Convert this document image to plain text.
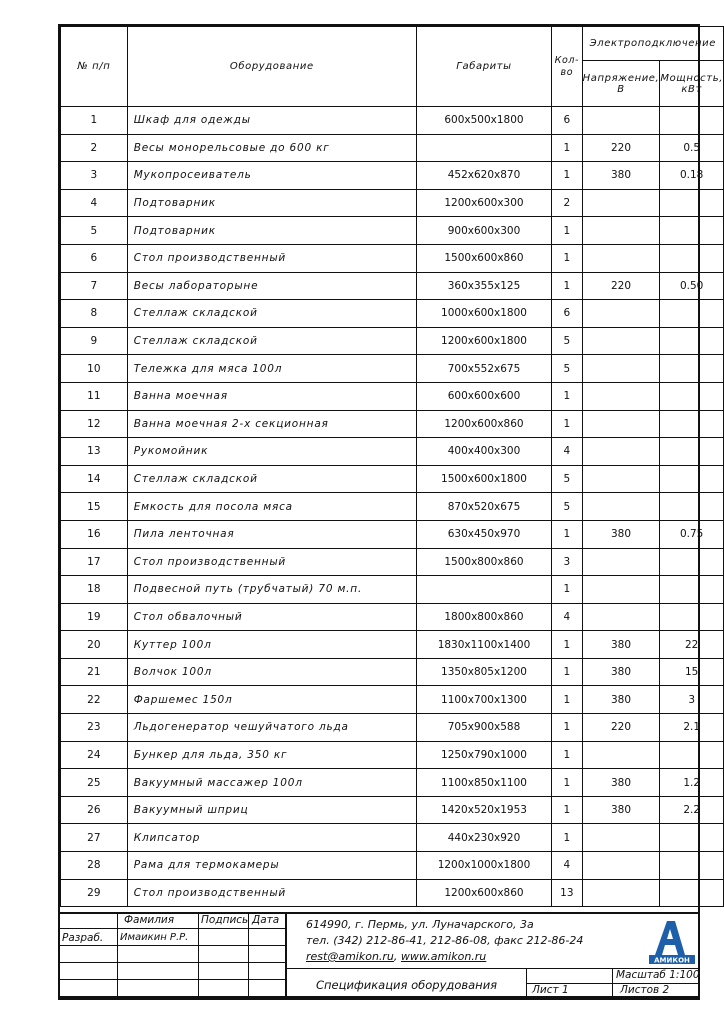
№ п/п	Оборудование	Габариты	Кол-во	Электроподключение	
				Напряжение, В	Мощность, кВт
1	Шкаф для одежды	600х500х1800	6		
2	Весы монорельсовые до 600 кг		1	220	0.5
3	Мукопросеиватель	452х620х870	1	380	0.18
4	Подтоварник	1200х600х300	2		
5	Подтоварник	900х600х300	1		
6	Стол производственный	1500х600х860	1		
7	Весы лабораторыне	360х355х125	1	220	0.50
8	Стеллаж складской	1000х600х1800	6		
9	Стеллаж складской	1200х600х1800	5		
10	Тележка для мяса 100л	700х552х675	5		
11	Ванна моечная	600х600х600	1		
12	Ванна моечная 2-х секционная	1200х600х860	1		
13	Рукомойник	400х400х300	4		
14	Стеллаж складской	1500х600х1800	5		
15	Емкость для посола мяса	870х520х675	5		
16	Пила ленточная	630х450х970	1	380	0.75
17	Стол производственный	1500х800х860	3		
18	Подвесной путь (трубчатый) 70 м.п.		1		
19	Стол обвалочный	1800х800х860	4		
20	Куттер 100л	1830х1100х1400	1	380	22
21	Волчок 100л	1350х805х1200	1	380	15
22	Фаршемес 150л	1100х700х1300	1	380	3
23	Льдогенератор чешуйчатого льда	705х900х588	1	220	2.1
24	Бункер для льда, 350 кг	1250х790х1000	1		
25	Вакуумный массажер 100л	1100х850х1100	1	380	1.2
26	Вакуумный шприц	1420х520х1953	1	380	2.2
27	Клипсатор	440х230х920	1		
28	Рама для термокамеры	1200х1000х1800	4		
29	Стол производственный	1200х600х860	13		
Фамилия	Подпись Дата
Разраб. Имаикин Р.Р.
614990, г. Пермь, ул. Луначарского, 3а
тел. (342) 212-86-41, 212-86-08, факс 212-86-24
rest@amikon.ru, www.amikon.ru
Спецификация оборудования
Масштаб 1:100
Лист 1	Листов 2
АМИКОН
